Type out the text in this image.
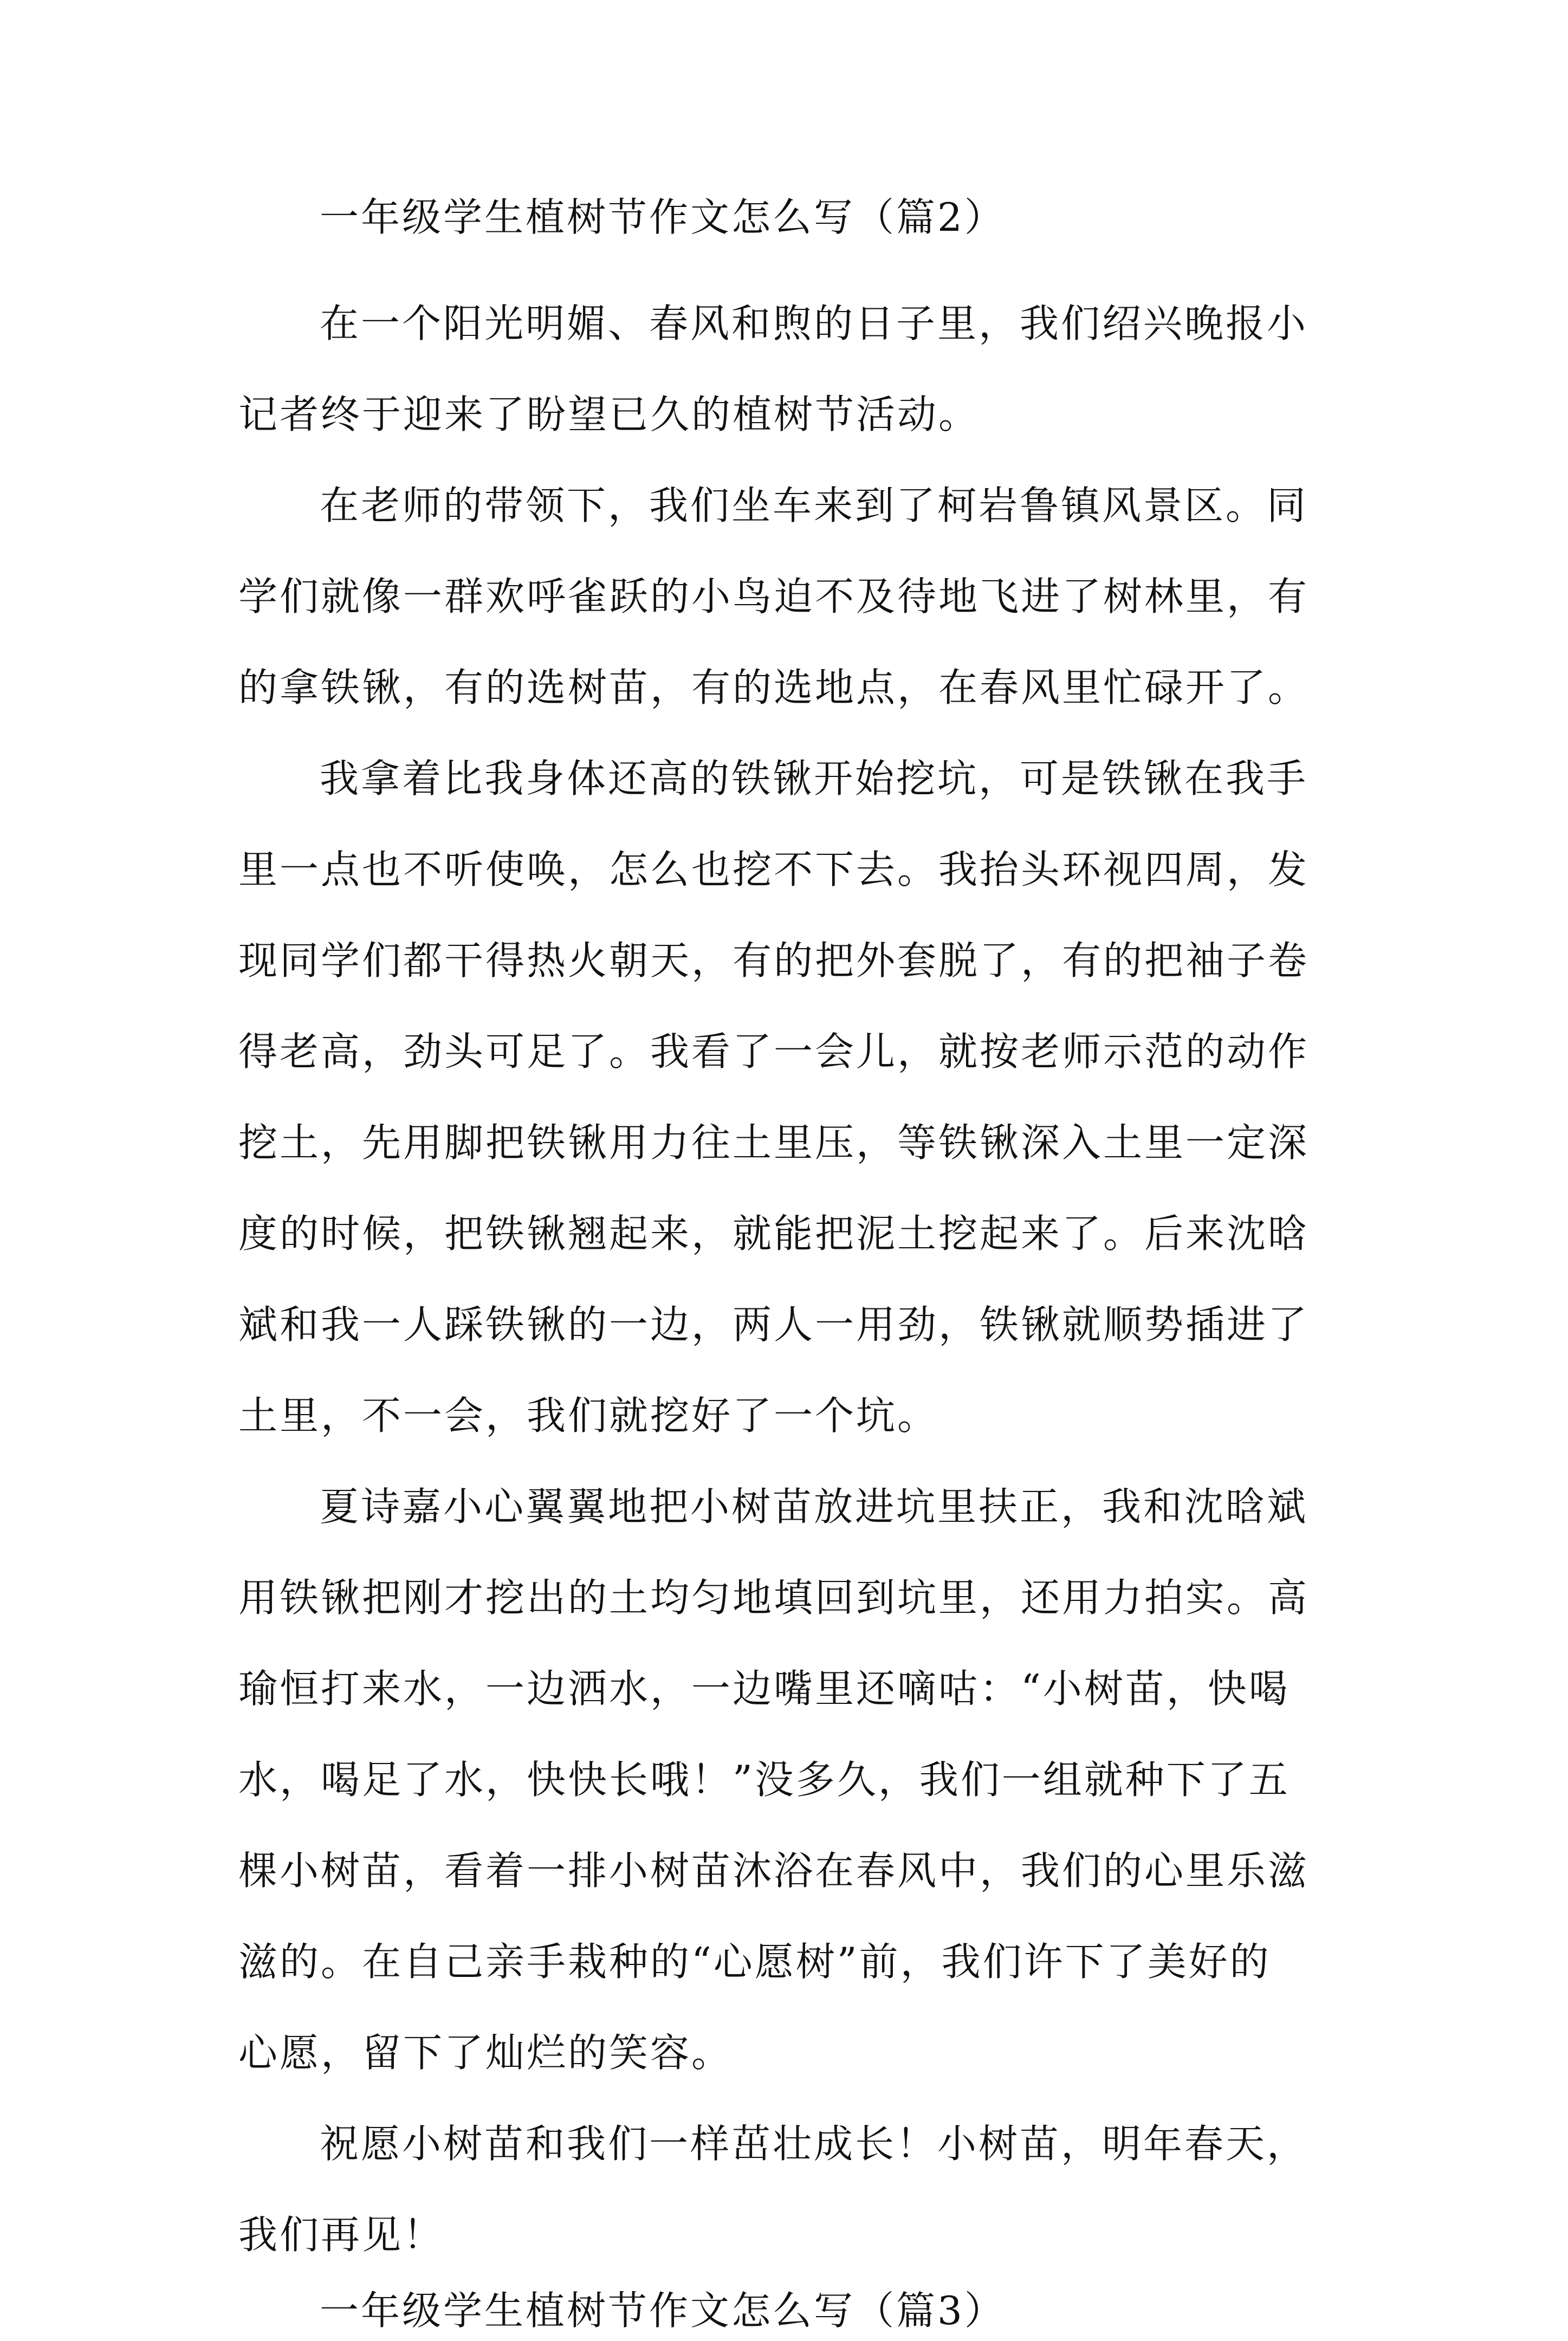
一年级学生植树节作文怎么写（篇2）

在一个阳光明媚、春风和煦的日子里，我们绍兴晚报小
记者终于迎来了盼望已久的植树节活动。

在老师的带领下，我们坐车来到了柯岩鲁镇风景区。同
学们就像一群欢呼雀跃的小鸟迫不及待地飞进了树林里，有
的拿铁锹，有的选树苗，有的选地点，在春风里忙碌开了。

我拿着比我身体还高的铁锹开始挖坑，可是铁锹在我手
里一点也不听使唤，怎么也挖不下去。我抬头环视四周，发
现同学们都干得热火朝天，有的把外套脱了，有的把袖子卷
得老高，劲头可足了。我看了一会儿，就按老师示范的动作
挖土，先用脚把铁锹用力往土里压，等铁锹深入土里一定深
度的时候，把铁锹翘起来，就能把泥土挖起来了。后来沈晗
斌和我一人踩铁锹的一边，两人一用劲，铁锹就顺势插进了
土里，不一会，我们就挖好了一个坑。

夏诗嘉小心翼翼地把小树苗放进坑里扶正，我和沈晗斌
用铁锹把刚才挖出的土均匀地填回到坑里，还用力拍实。高
瑜恒打来水，一边洒水，一边嘴里还嘀咕：“小树苗，快喝
水，喝足了水，快快长哦！”没多久，我们一组就种下了五
棵小树苗，看着一排小树苗沐浴在春风中，我们的心里乐滋
滋的。在自己亲手栽种的“心愿树”前，我们许下了美好的
心愿，留下了灿烂的笑容。

祝愿小树苗和我们一样茁壮成长！小树苗，明年春天，
我们再见！

一年级学生植树节作文怎么写（篇3）
